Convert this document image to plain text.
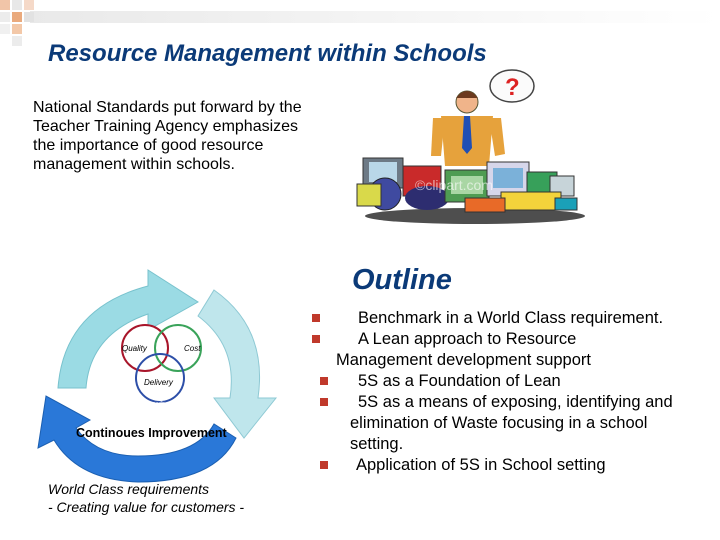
Resource Management within Schools
National Standards put forward by the
Teacher Training Agency emphasizes
the importance of good resource
management within schools.
?
©clipart.com
Outline
Quality	Cost
Delivery
©clipart.com
Continoues Improvement
Benchmark in a World Class requirement.
A Lean approach to Resource
Management development support
5S as a Foundation of Lean
5S as a means of exposing, identifying and
elimination of Waste focusing in a school
setting.
Application of 5S in School setting
World Class requirements
- Creating value for customers -
